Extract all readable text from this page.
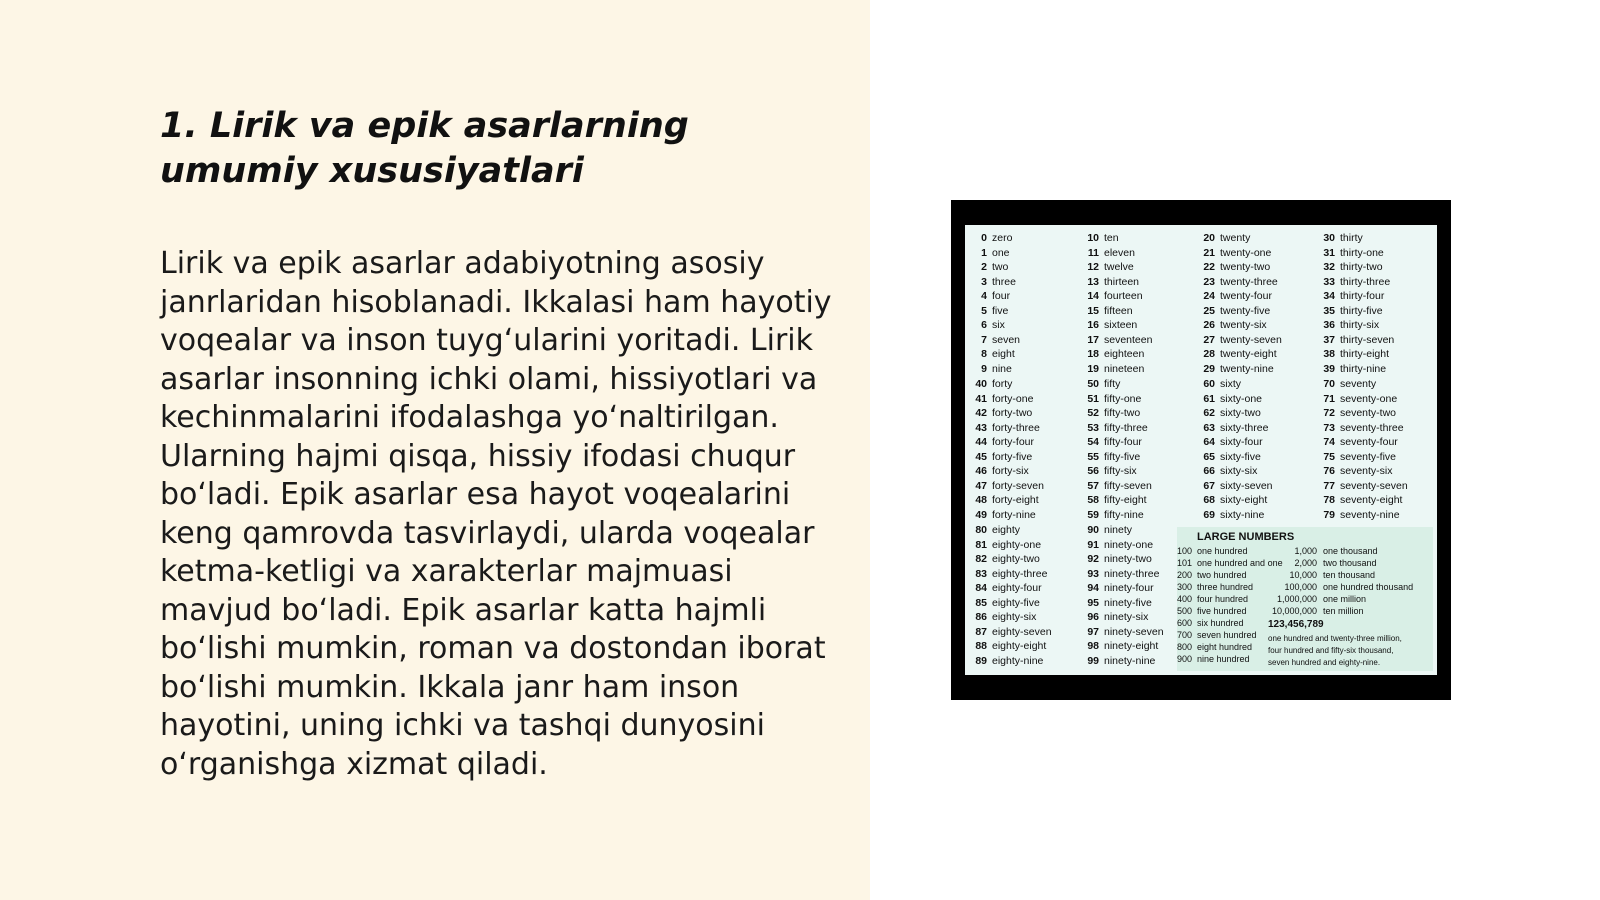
1. Lirik va epik asarlarning umumiy xususiyatlari

Lirik va epik asarlar adabiyotning asosiy janrlaridan hisoblanadi. Ikkalasi ham hayotiy voqealar va inson tuyg‘ularini yoritadi. Lirik asarlar insonning ichki olami, hissiyotlari va kechinmalarini ifodalashga yo‘naltirilgan. Ularning hajmi qisqa, hissiy ifodasi chuqur bo‘ladi. Epik asarlar esa hayot voqealarini keng qamrovda tasvirlaydi, ularda voqealar ketma-ketligi va xarakterlar majmuasi mavjud bo‘ladi. Epik asarlar katta hajmli bo‘lishi mumkin, roman va dostondan iborat bo‘lishi mumkin. Ikkala janr ham inson hayotini, uning ichki va tashqi dunyosini o‘rganishga xizmat qiladi.

LARGE NUMBERS
0 zero
1 one
2 two
3 three
4 four
5 five
6 six
7 seven
8 eight
9 nine
40 forty
41 forty-one
42 forty-two
43 forty-three
44 forty-four
45 forty-five
46 forty-six
47 forty-seven
48 forty-eight
49 forty-nine
80 eighty
81 eighty-one
82 eighty-two
83 eighty-three
84 eighty-four
85 eighty-five
86 eighty-six
87 eighty-seven
88 eighty-eight
89 eighty-nine
10 ten
11 eleven
12 twelve
13 thirteen
14 fourteen
15 fifteen
16 sixteen
17 seventeen
18 eighteen
19 nineteen
50 fifty
51 fifty-one
52 fifty-two
53 fifty-three
54 fifty-four
55 fifty-five
56 fifty-six
57 fifty-seven
58 fifty-eight
59 fifty-nine
90 ninety
91 ninety-one
92 ninety-two
93 ninety-three
94 ninety-four
95 ninety-five
96 ninety-six
97 ninety-seven
98 ninety-eight
99 ninety-nine
20 twenty
21 twenty-one
22 twenty-two
23 twenty-three
24 twenty-four
25 twenty-five
26 twenty-six
27 twenty-seven
28 twenty-eight
29 twenty-nine
60 sixty
61 sixty-one
62 sixty-two
63 sixty-three
64 sixty-four
65 sixty-five
66 sixty-six
67 sixty-seven
68 sixty-eight
69 sixty-nine
30 thirty
31 thirty-one
32 thirty-two
33 thirty-three
34 thirty-four
35 thirty-five
36 thirty-six
37 thirty-seven
38 thirty-eight
39 thirty-nine
70 seventy
71 seventy-one
72 seventy-two
73 seventy-three
74 seventy-four
75 seventy-five
76 seventy-six
77 seventy-seven
78 seventy-eight
79 seventy-nine
100 one hundred
101 one hundred and one
200 two hundred
300 three hundred
400 four hundred
500 five hundred
600 six hundred
700 seven hundred
800 eight hundred
900 nine hundred
1,000 one thousand
2,000 two thousand
10,000 ten thousand
100,000 one hundred thousand
1,000,000 one million
10,000,000 ten million
123,456,789
one hundred and twenty-three million,
four hundred and fifty-six thousand,
seven hundred and eighty-nine.
